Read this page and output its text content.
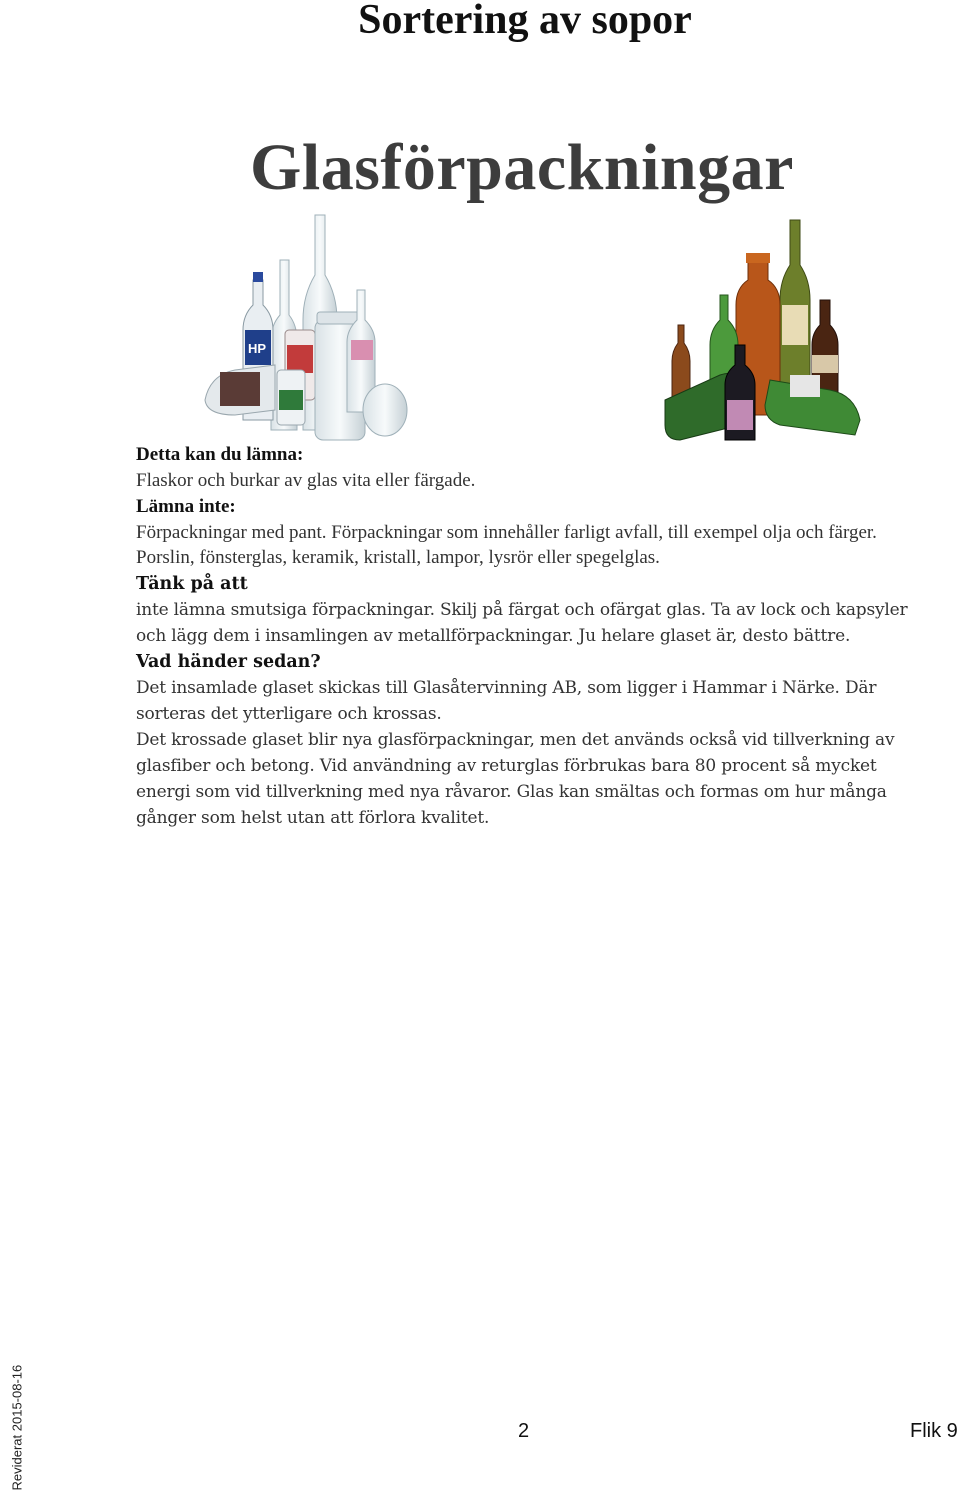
Sortering av sopor
Glasförpackningar
HP
Detta kan du lämna:

Flaskor och burkar av glas vita eller färgade.

Lämna inte:

Förpackningar med pant. Förpackningar som innehåller farligt avfall, till exempel olja och färger. Porslin, fönsterglas, keramik, kristall, lampor, lysrör eller spegelglas.

Tänk på att

inte lämna smutsiga förpackningar. Skilj på färgat och ofärgat glas. Ta av lock och kapsyler och lägg dem i insamlingen av metallförpackningar. Ju helare glaset är, desto bättre.

Vad händer sedan?

Det insamlade glaset skickas till Glasåtervinning AB, som ligger i Hammar i Närke. Där sorteras det ytterligare och krossas.

Det krossade glaset blir nya glasförpackningar, men det används också vid tillverkning av glasfiber och betong. Vid användning av returglas förbrukas bara 80 procent så mycket energi som vid tillverkning med nya råvaror. Glas kan smältas och formas om hur många gånger som helst utan att förlora kvalitet.

Reviderat 2015-08-16	2	Flik 9
